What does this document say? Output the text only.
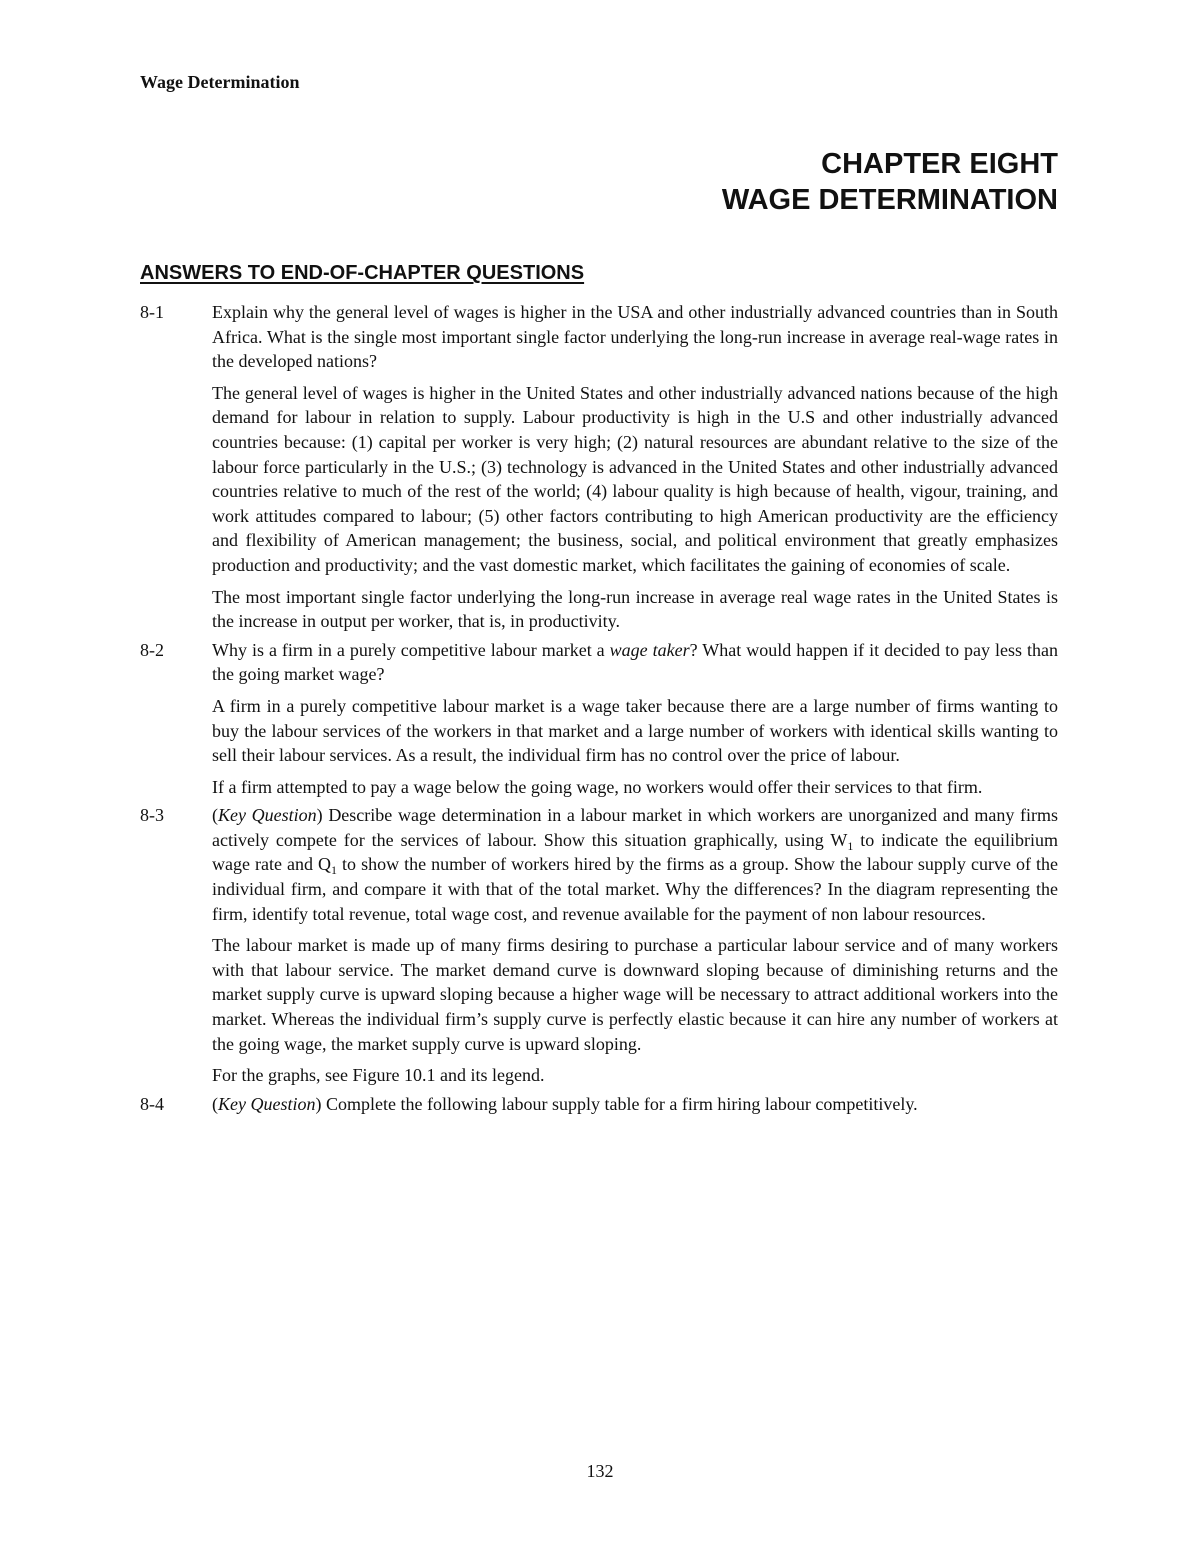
Wage Determination
CHAPTER EIGHT
WAGE DETERMINATION
ANSWERS TO END-OF-CHAPTER QUESTIONS
8-1	Explain why the general level of wages is higher in the USA and other industrially advanced countries than in South Africa. What is the single most important single factor underlying the long-run increase in average real-wage rates in the developed nations?

The general level of wages is higher in the United States and other industrially advanced nations because of the high demand for labour in relation to supply. Labour productivity is high in the U.S and other industrially advanced countries because: (1) capital per worker is very high; (2) natural resources are abundant relative to the size of the labour force particularly in the U.S.; (3) technology is advanced in the United States and other industrially advanced countries relative to much of the rest of the world; (4) labour quality is high because of health, vigour, training, and work attitudes compared to labour; (5) other factors contributing to high American productivity are the efficiency and flexibility of American management; the business, social, and political environment that greatly emphasizes production and productivity; and the vast domestic market, which facilitates the gaining of economies of scale.

The most important single factor underlying the long-run increase in average real wage rates in the United States is the increase in output per worker, that is, in productivity.

8-2	Why is a firm in a purely competitive labour market a wage taker? What would happen if it decided to pay less than the going market wage?

A firm in a purely competitive labour market is a wage taker because there are a large number of firms wanting to buy the labour services of the workers in that market and a large number of workers with identical skills wanting to sell their labour services. As a result, the individual firm has no control over the price of labour.

If a firm attempted to pay a wage below the going wage, no workers would offer their services to that firm.

8-3	(Key Question) Describe wage determination in a labour market in which workers are unorganized and many firms actively compete for the services of labour. Show this situation graphically, using $W_1$ to indicate the equilibrium wage rate and $Q_1$ to show the number of workers hired by the firms as a group. Show the labour supply curve of the individual firm, and compare it with that of the total market. Why the differences? In the diagram representing the firm, identify total revenue, total wage cost, and revenue available for the payment of non labour resources.

The labour market is made up of many firms desiring to purchase a particular labour service and of many workers with that labour service. The market demand curve is downward sloping because of diminishing returns and the market supply curve is upward sloping because a higher wage will be necessary to attract additional workers into the market. Whereas the individual firm’s supply curve is perfectly elastic because it can hire any number of workers at the going wage, the market supply curve is upward sloping.

For the graphs, see Figure 10.1 and its legend.

8-4	(Key Question) Complete the following labour supply table for a firm hiring labour competitively.

132
